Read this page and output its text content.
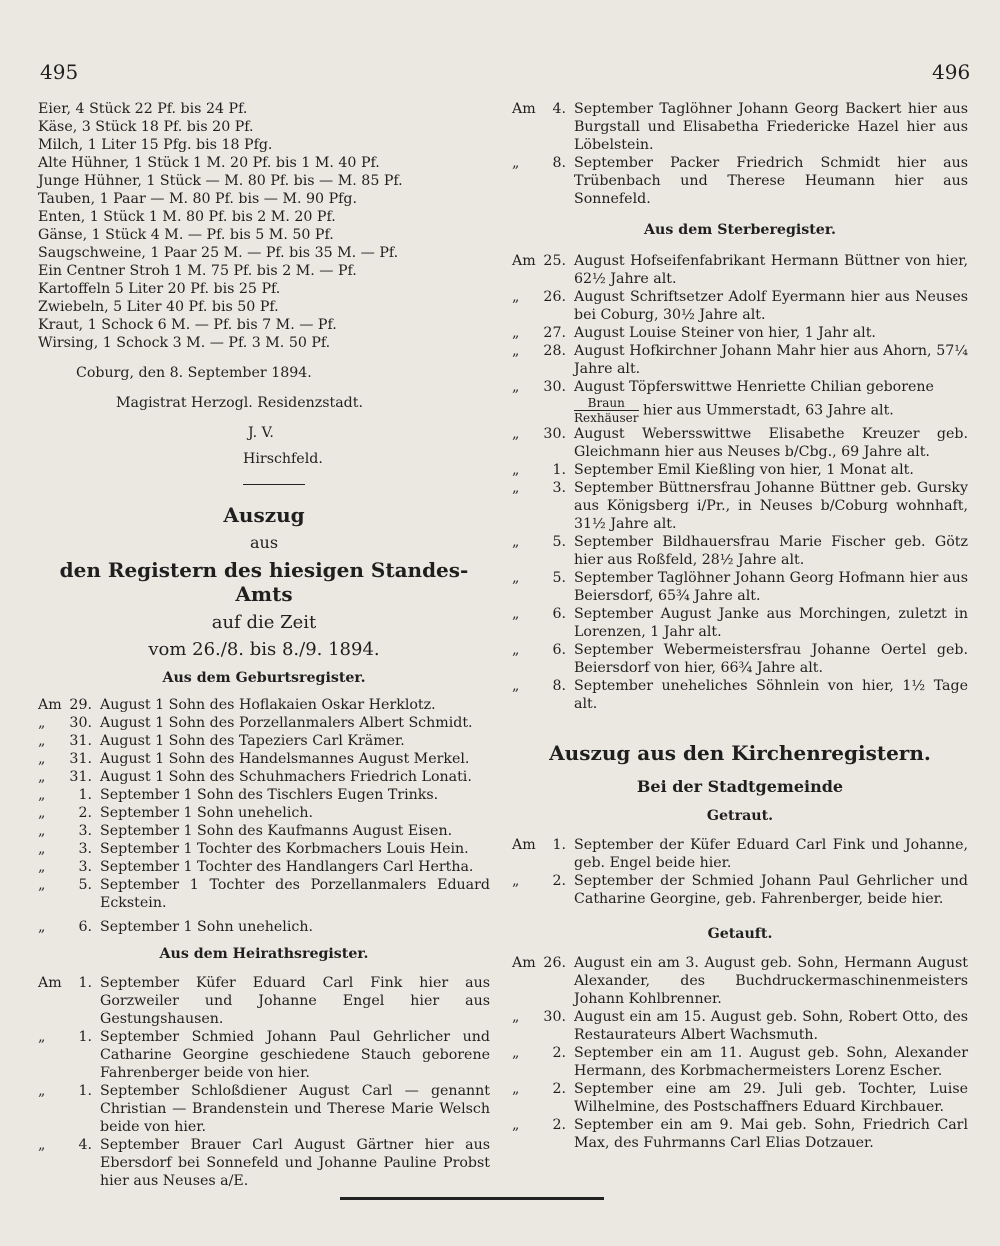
495	496
Eier, 4 Stück 22 Pf. bis 24 Pf.
Käse, 3 Stück 18 Pf. bis 20 Pf.
Milch, 1 Liter 15 Pfg. bis 18 Pfg.
Alte Hühner, 1 Stück 1 M. 20 Pf. bis 1 M. 40 Pf.
Junge Hühner, 1 Stück — M. 80 Pf. bis — M. 85 Pf.
Tauben, 1 Paar — M. 80 Pf. bis — M. 90 Pfg.
Enten, 1 Stück 1 M. 80 Pf. bis 2 M. 20 Pf.
Gänse, 1 Stück 4 M. — Pf. bis 5 M. 50 Pf.
Saugschweine, 1 Paar 25 M. — Pf. bis 35 M. — Pf.
Ein Centner Stroh 1 M. 75 Pf. bis 2 M. — Pf.
Kartoffeln 5 Liter 20 Pf. bis 25 Pf.
Zwiebeln, 5 Liter 40 Pf. bis 50 Pf.
Kraut, 1 Schock 6 M. — Pf. bis 7 M. — Pf.
Wirsing, 1 Schock 3 M. — Pf. 3 M. 50 Pf.
Coburg, den 8. September 1894.
Magistrat Herzogl. Residenzstadt.
J. V.
Hirschfeld.
Auszug
aus
den Registern des hiesigen Standes-Amts
auf die Zeit
vom 26./8. bis 8./9. 1894.
Aus dem Geburtsregister.
Am 29. August 1 Sohn des Hoflakaien Oskar Herklotz.
„	30. August 1 Sohn des Porzellanmalers Albert Schmidt.
„	31. August 1 Sohn des Tapeziers Carl Krämer.
„	31. August 1 Sohn des Handelsmannes August Merkel.
„	31. August 1 Sohn des Schuhmachers Friedrich Lonati.
„	1. September 1 Sohn des Tischlers Eugen Trinks.
„	2. September 1 Sohn unehelich.
„	3. September 1 Sohn des Kaufmanns August Eisen.
„	3. September 1 Tochter des Korbmachers Louis Hein.
„	3. September 1 Tochter des Handlangers Carl Hertha.
„	5. September 1 Tochter des Porzellanmalers Eduard Eckstein.
„	6. September 1 Sohn unehelich.
Aus dem Heirathsregister.
Am	1. September Küfer Eduard Carl Fink hier aus Gorzweiler und Johanne Engel hier aus Gestungshausen.
„	1. September Schmied Johann Paul Gehrlicher und Catharine Georgine geschiedene Stauch geborene Fahrenberger beide von hier.
„	1. September Schloßdiener August Carl — genannt Christian — Brandenstein und Therese Marie Welsch beide von hier.
„	4. September Brauer Carl August Gärtner hier aus Ebersdorf bei Sonnefeld und Johanne Pauline Probst hier aus Neuses a/E.
Am	4. September Taglöhner Johann Georg Backert hier aus Burgstall und Elisabetha Friedericke Hazel hier aus Löbelstein.
„	8. September Packer Friedrich Schmidt hier aus Trübenbach und Therese Heumann hier aus Sonnefeld.
Aus dem Sterberegister.
Am 25. August Hofseifenfabrikant Hermann Büttner von hier, 62½ Jahre alt.
„	26. August Schriftsetzer Adolf Eyermann hier aus Neuses bei Coburg, 30½ Jahre alt.
„	27. August Louise Steiner von hier, 1 Jahr alt.
„	28. August Hofkirchner Johann Mahr hier aus Ahorn, 57¼ Jahre alt.
„	30. August Töpferswittwe Henriette Chilian geborene

Braun
Rexhäuser hier aus Ummerstadt, 63 Jahre alt.
„	30. August Webersswittwe Elisabethe Kreuzer geb. Gleichmann hier aus Neuses b/Cbg., 69 Jahre alt.
„	1. September Emil Kießling von hier, 1 Monat alt.
„	3. September Büttnersfrau Johanne Büttner geb. Gursky aus Königsberg i/Pr., in Neuses b/Coburg wohnhaft, 31½ Jahre alt.
„	5. September Bildhauersfrau Marie Fischer geb. Götz hier aus Roßfeld, 28½ Jahre alt.
„	5. September Taglöhner Johann Georg Hofmann hier aus Beiersdorf, 65¾ Jahre alt.
„	6. September August Janke aus Morchingen, zuletzt in Lorenzen, 1 Jahr alt.
„	6. September Webermeistersfrau Johanne Oertel geb. Beiersdorf von hier, 66¾ Jahre alt.
„	8. September uneheliches Söhnlein von hier, 1½ Tage alt.
Auszug aus den Kirchenregistern.
Bei der Stadtgemeinde
Getraut.
Am	1. September der Küfer Eduard Carl Fink und Johanne, geb. Engel beide hier.
„	2. September der Schmied Johann Paul Gehrlicher und Catharine Georgine, geb. Fahrenberger, beide hier.
Getauft.
Am 26. August ein am 3. August geb. Sohn, Hermann August Alexander, des Buchdruckermaschinenmeisters Johann Kohlbrenner.
„	30. August ein am 15. August geb. Sohn, Robert Otto, des Restaurateurs Albert Wachsmuth.
„	2. September ein am 11. August geb. Sohn, Alexander Hermann, des Korbmachermeisters Lorenz Escher.
„	2. September eine am 29. Juli geb. Tochter, Luise Wilhelmine, des Postschaffners Eduard Kirchbauer.
„	2. September ein am 9. Mai geb. Sohn, Friedrich Carl Max, des Fuhrmanns Carl Elias Dotzauer.
